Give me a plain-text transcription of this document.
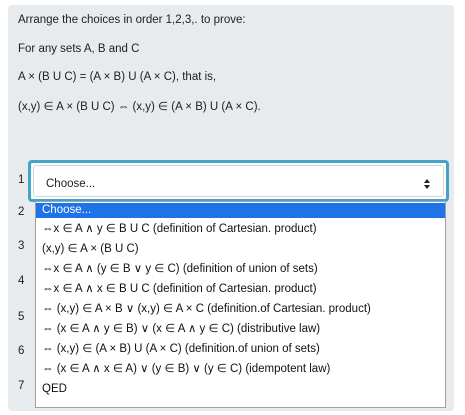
Arrange the choices in order 1,2,3,. to prove:
For any sets A, B and C
A × (B U C) = (A × B) U (A × C), that is,
(x,y) ∈ A × (B U C) ⇔ (x,y) ∈ (A × B) U (A × C).
1
2
3
4
5
6
7
Choose...
Choose...
⇔x ∈ A ∧ y ∈ B U C (definition of Cartesian. product)
(x,y) ∈ A × (B U C)
⇔x ∈ A ∧ (y ∈ B ∨ y ∈ C) (definition of union of sets)
⇔x ∈ A ∧ x ∈ B U C (definition of Cartesian. product)
⇔ (x,y) ∈ A × B ∨ (x,y) ∈ A × C (definition.of Cartesian. product)
⇔ (x ∈ A ∧ y ∈ B) ∨ (x ∈ A ∧ y ∈ C) (distributive law)
⇔ (x,y) ∈ (A × B) U (A × C) (definition.of union of sets)
⇔ (x ∈ A ∧ x ∈ A) ∨ (y ∈ B) ∨ (y ∈ C) (idempotent law)
QED
